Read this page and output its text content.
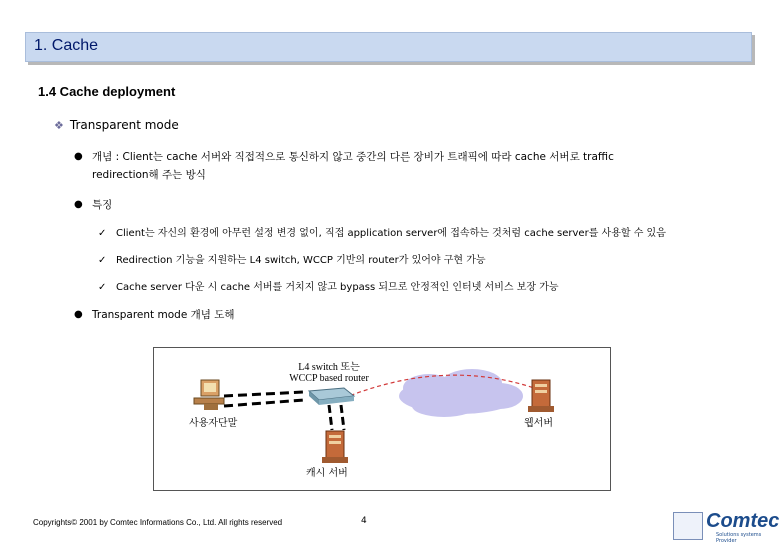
1. Cache
1.4 Cache deployment
❖ Transparent mode
● 개념 : Client는 cache 서버와 직접적으로 통신하지 않고 중간의 다른 장비가 트래픽에 따라 cache 서버로 traffic
redirection해 주는 방식
● 특징
✓ Client는 자신의 환경에 아무런 설정 변경 없이, 직접 application server에 접속하는 것처럼 cache server를 사용할 수 있음
✓ Redirection 기능을 지원하는 L4 switch, WCCP 기반의 router가 있어야 구현 가능
✓ Cache server 다운 시 cache 서버를 거치지 않고 bypass 되므로 안정적인 인터넷 서비스 보장 가능
● Transparent mode 개념 도해
L4 switch 또는
WCCP based router
사용자단말	웹서버
캐시 서버
Copyrights© 2001 by Comtec Informations Co., Ltd. All rights reserved	4	Comtec
Solutions systems Provider
